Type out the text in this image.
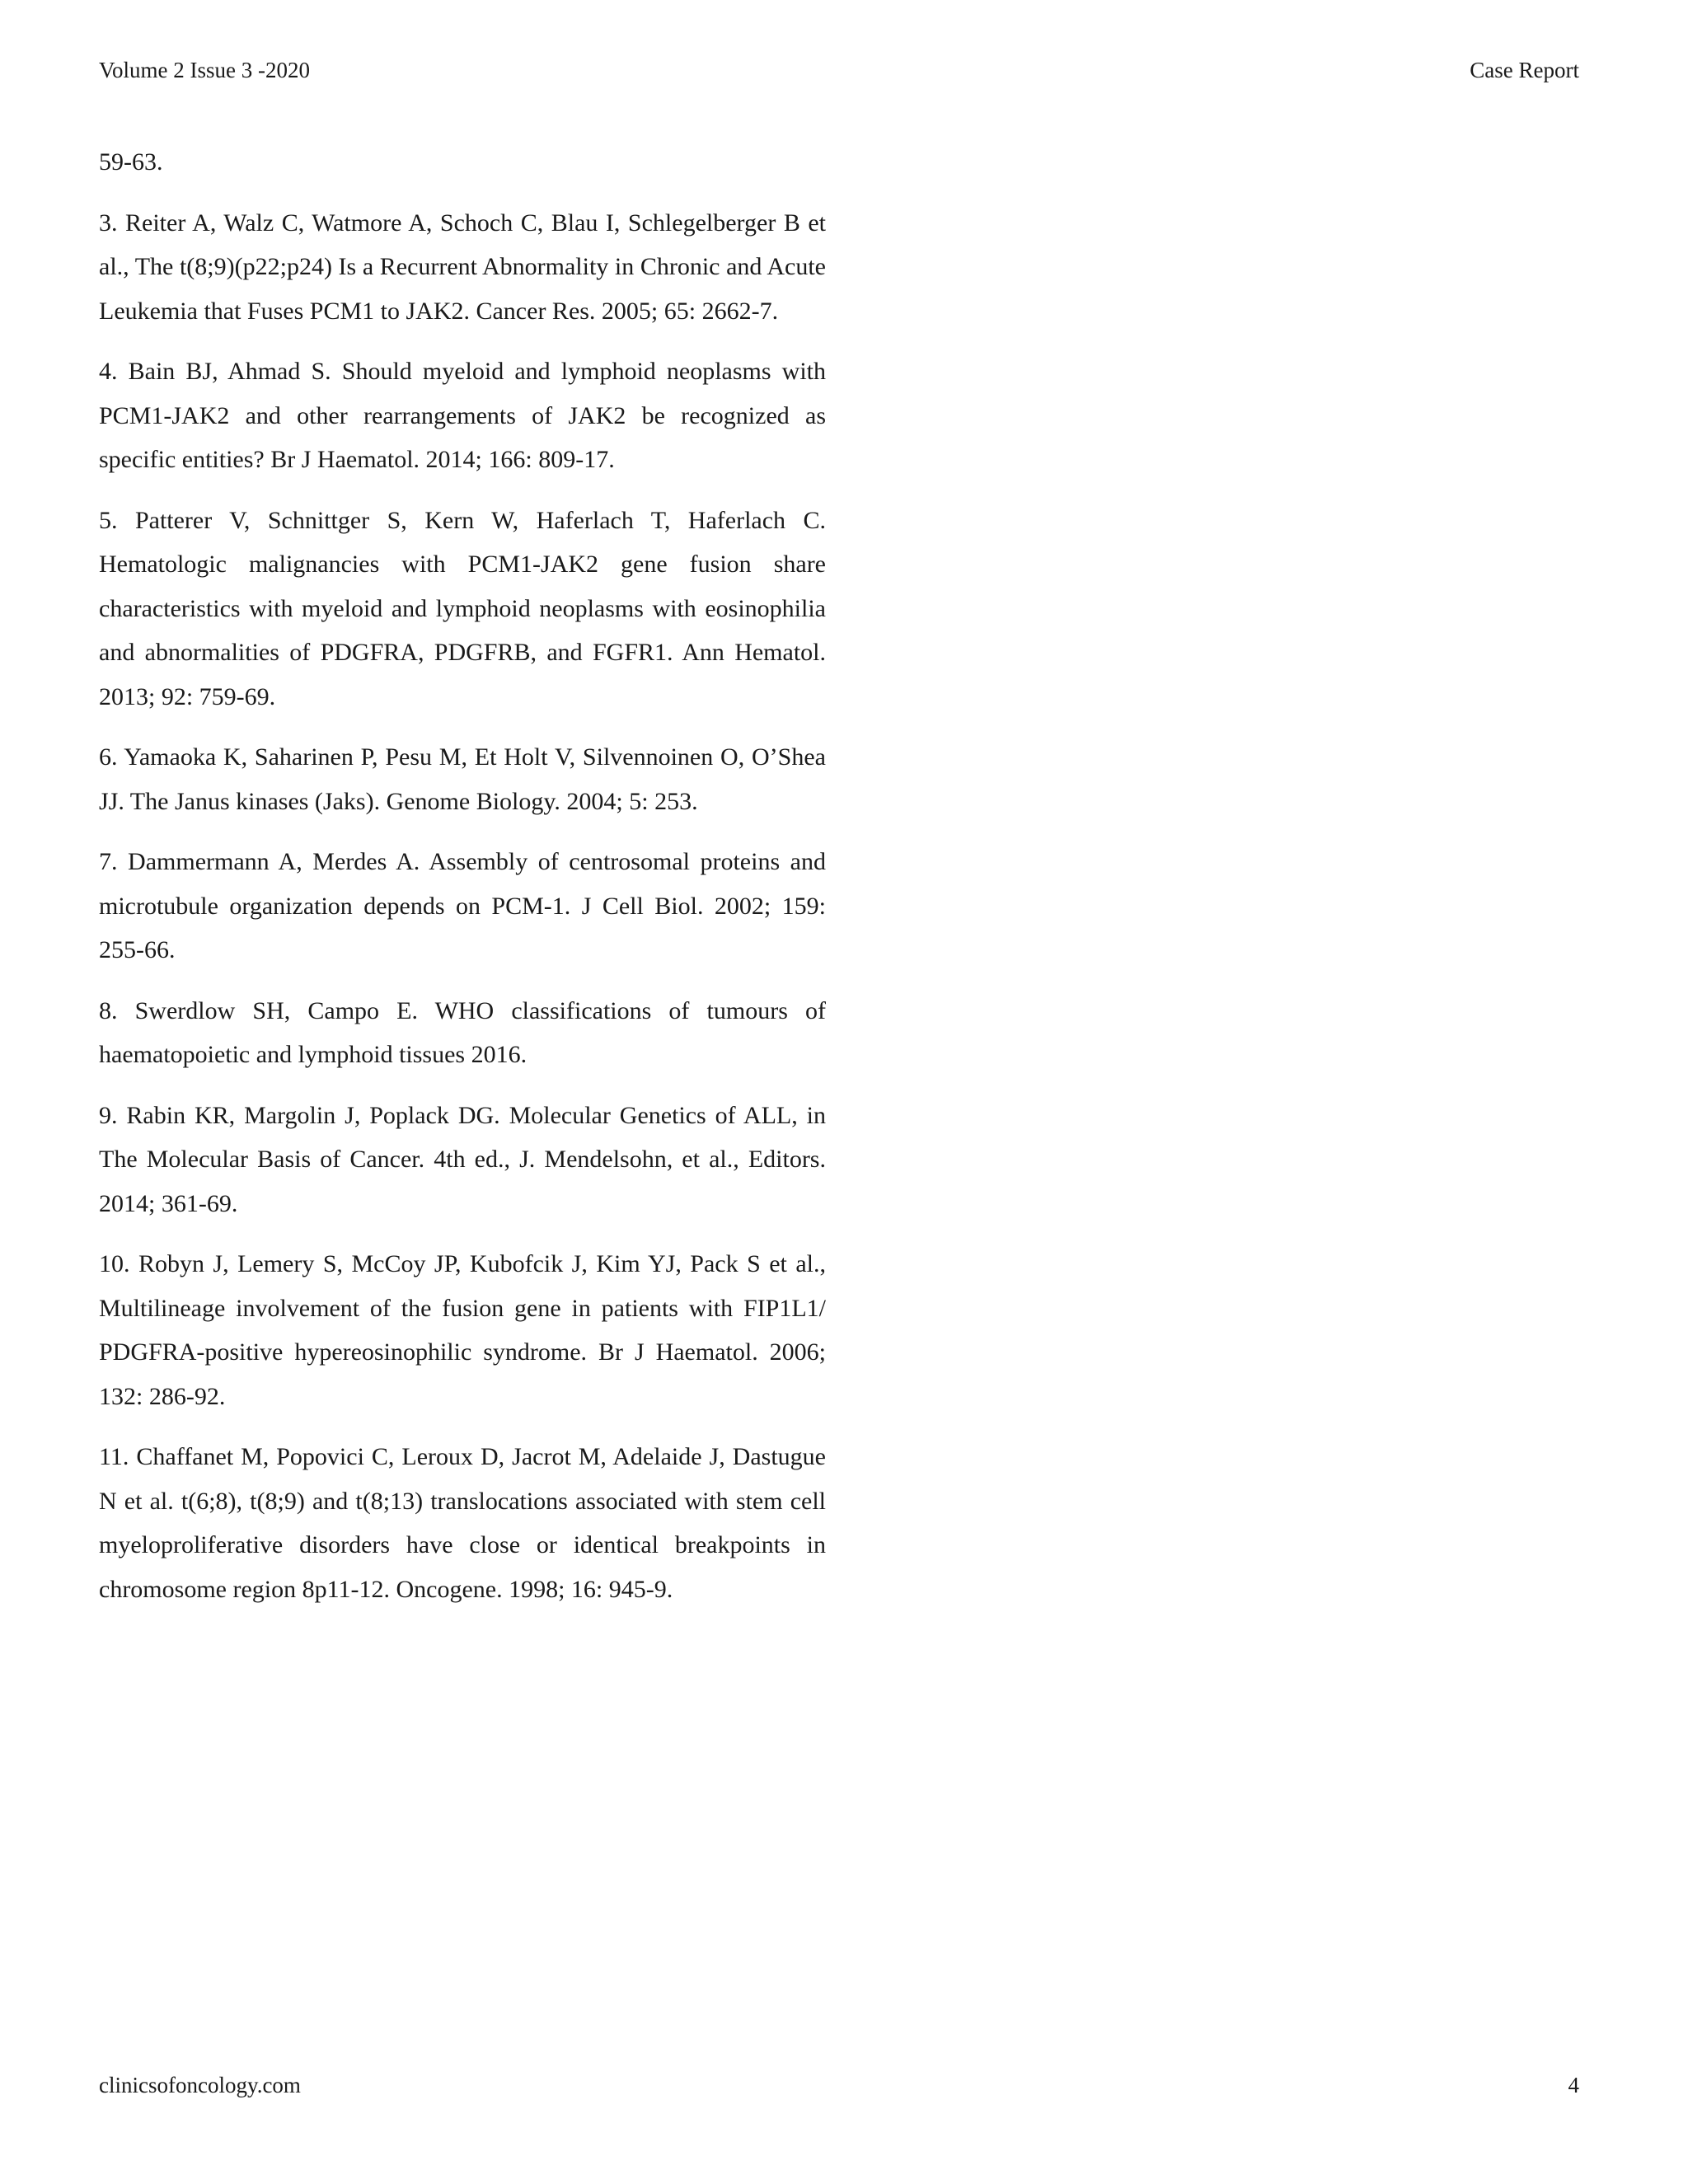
Volume 2 Issue 3 -2020	Case Report

59-63.

3. Reiter A, Walz C, Watmore A, Schoch C, Blau I, Schlegelberger B et al., The t(8;9)(p22;p24) Is a Recurrent Abnormality in Chronic and Acute Leukemia that Fuses PCM1 to JAK2. Cancer Res. 2005; 65: 2662-7.

4. Bain BJ, Ahmad S. Should myeloid and lymphoid neoplasms with PCM1-JAK2 and other rearrangements of JAK2 be recognized as specific entities? Br J Haematol. 2014; 166: 809-17.

5. Patterer V, Schnittger S, Kern W, Haferlach T, Haferlach C. Hematologic malignancies with PCM1-JAK2 gene fusion share characteristics with myeloid and lymphoid neoplasms with eosinophilia and abnormalities of PDGFRA, PDGFRB, and FGFR1. Ann Hematol. 2013; 92: 759-69.

6. Yamaoka K, Saharinen P, Pesu M, Et Holt V, Silvennoinen O, O’Shea JJ. The Janus kinases (Jaks). Genome Biology. 2004; 5: 253.

7. Dammermann A, Merdes A. Assembly of centrosomal proteins and microtubule organization depends on PCM-1. J Cell Biol. 2002; 159: 255-66.

8. Swerdlow SH, Campo E. WHO classifications of tumours of haematopoietic and lymphoid tissues 2016.

9. Rabin KR, Margolin J, Poplack DG. Molecular Genetics of ALL, in The Molecular Basis of Cancer. 4th ed., J. Mendelsohn, et al., Editors. 2014; 361-69.

10. Robyn J, Lemery S, McCoy JP, Kubofcik J, Kim YJ, Pack S et al., Multilineage involvement of the fusion gene in patients with FIP1L1/ PDGFRA-positive hypereosinophilic syndrome. Br J Haematol. 2006; 132: 286-92.

11. Chaffanet M, Popovici C, Leroux D, Jacrot M, Adelaide J, Dastugue N et al. t(6;8), t(8;9) and t(8;13) translocations associated with stem cell myeloproliferative disorders have close or identical breakpoints in chromosome region 8p11-12. Oncogene. 1998; 16: 945-9.

clinicsofoncology.com	4
